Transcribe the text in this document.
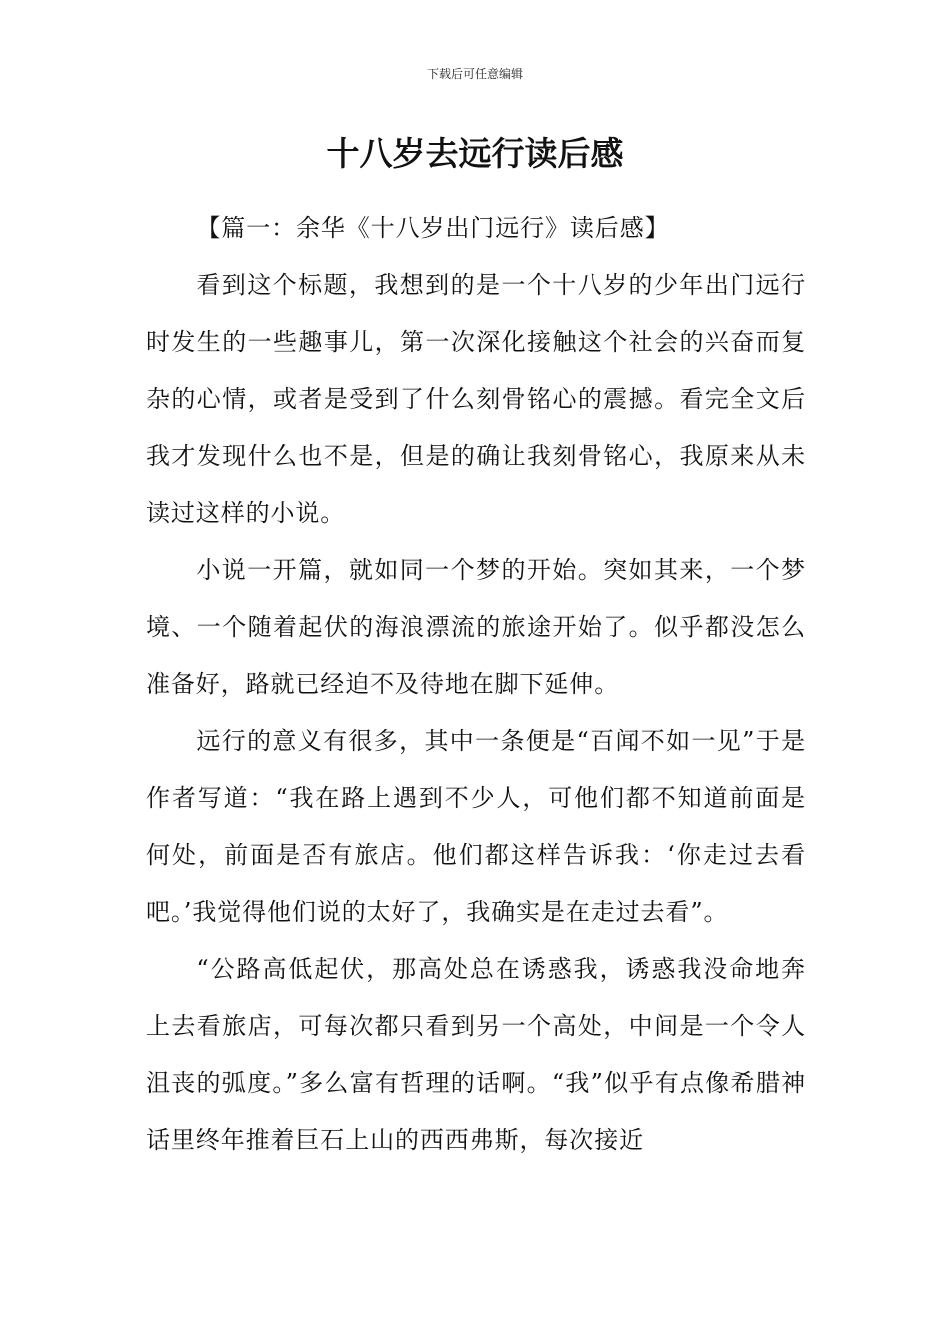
下载后可任意编辑
十八岁去远行读后感

【篇一：余华《十八岁出门远行》读后感】

看到这个标题，我想到的是一个十八岁的少年出门远行时发生的一些趣事儿，第一次深化接触这个社会的兴奋而复杂的心情，或者是受到了什么刻骨铭心的震撼。看完全文后我才发现什么也不是，但是的确让我刻骨铭心，我原来从未读过这样的小说。

小说一开篇，就如同一个梦的开始。突如其来，一个梦境、一个随着起伏的海浪漂流的旅途开始了。似乎都没怎么准备好，路就已经迫不及待地在脚下延伸。

远行的意义有很多，其中一条便是“百闻不如一见”于是作者写道：“我在路上遇到不少人，可他们都不知道前面是何处，前面是否有旅店。他们都这样告诉我：‘你走过去看吧。’我觉得他们说的太好了，我确实是在走过去看”。

“公路高低起伏，那高处总在诱惑我，诱惑我没命地奔上去看旅店，可每次都只看到另一个高处，中间是一个令人沮丧的弧度。”多么富有哲理的话啊。“我”似乎有点像希腊神话里终年推着巨石上山的西西弗斯，每次接近
